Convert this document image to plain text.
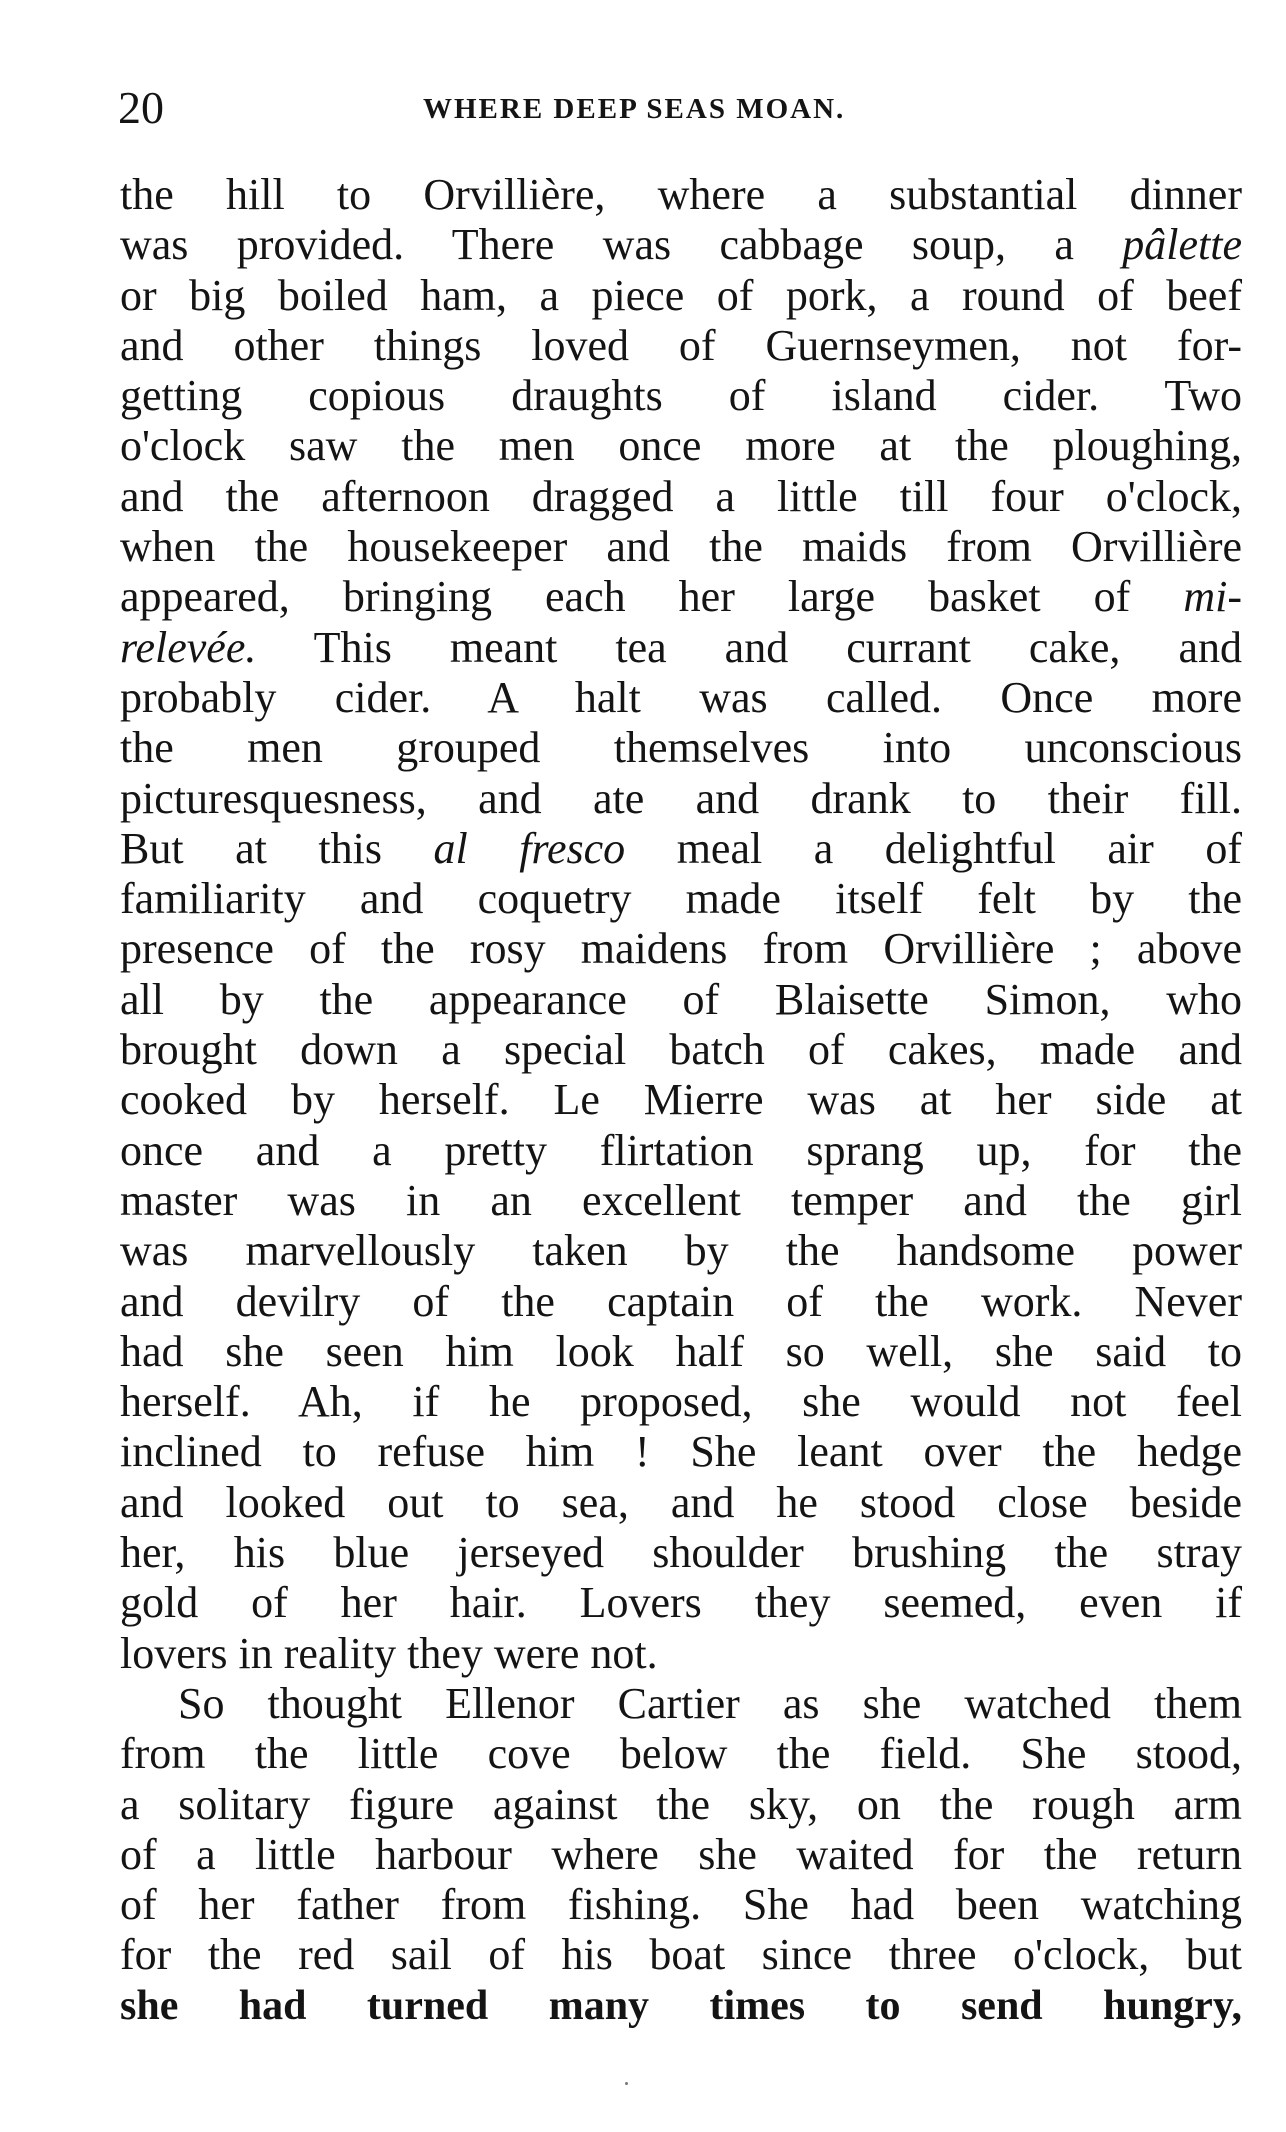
20	WHERE DEEP SEAS MOAN.
the hill to Orvillière, where a substantial dinner
was provided. There was cabbage soup, a pâlette
or big boiled ham, a piece of pork, a round of beef
and other things loved of Guernseymen, not for-
getting copious draughts of island cider. Two
o'clock saw the men once more at the ploughing,
and the afternoon dragged a little till four o'clock,
when the housekeeper and the maids from Orvillière
appeared, bringing each her large basket of mi-
relevée. This meant tea and currant cake, and
probably cider. A halt was called. Once more
the men grouped themselves into unconscious
picturesquesness, and ate and drank to their fill.
But at this al fresco meal a delightful air of
familiarity and coquetry made itself felt by the
presence of the rosy maidens from Orvillière ; above
all by the appearance of Blaisette Simon, who
brought down a special batch of cakes, made and
cooked by herself. Le Mierre was at her side at
once and a pretty flirtation sprang up, for the
master was in an excellent temper and the girl
was marvellously taken by the handsome power
and devilry of the captain of the work. Never
had she seen him look half so well, she said to
herself. Ah, if he proposed, she would not feel
inclined to refuse him ! She leant over the hedge
and looked out to sea, and he stood close beside
her, his blue jerseyed shoulder brushing the stray
gold of her hair. Lovers they seemed, even if
lovers in reality they were not.
So thought Ellenor Cartier as she watched them
from the little cove below the field. She stood,
a solitary figure against the sky, on the rough arm
of a little harbour where she waited for the return
of her father from fishing. She had been watching
for the red sail of his boat since three o'clock, but
she had turned many times to send hungry,
